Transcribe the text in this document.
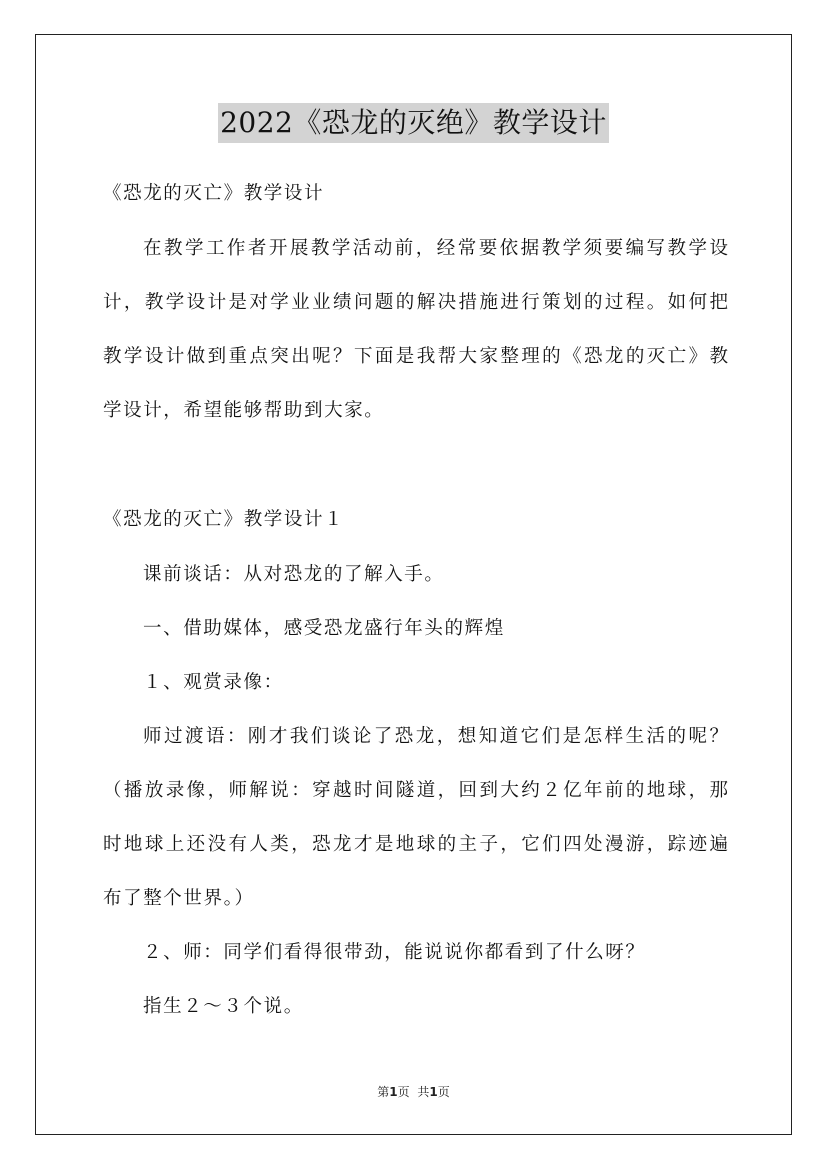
2022《恐龙的灭绝》教学设计
《恐龙的灭亡》教学设计
在教学工作者开展教学活动前，经常要依据教学须要编写教学设
计，教学设计是对学业业绩问题的解决措施进行策划的过程。如何把
教学设计做到重点突出呢？下面是我帮大家整理的《恐龙的灭亡》教
学设计，希望能够帮助到大家。
《恐龙的灭亡》教学设计１
课前谈话：从对恐龙的了解入手。
一、借助媒体，感受恐龙盛行年头的辉煌
１、观赏录像：
师过渡语：刚才我们谈论了恐龙，想知道它们是怎样生活的呢？
（播放录像，师解说：穿越时间隧道，回到大约２亿年前的地球，那
时地球上还没有人类，恐龙才是地球的主子，它们四处漫游，踪迹遍
布了整个世界。）
２、师：同学们看得很带劲，能说说你都看到了什么呀？
指生２～３个说。
第1页 共1页
